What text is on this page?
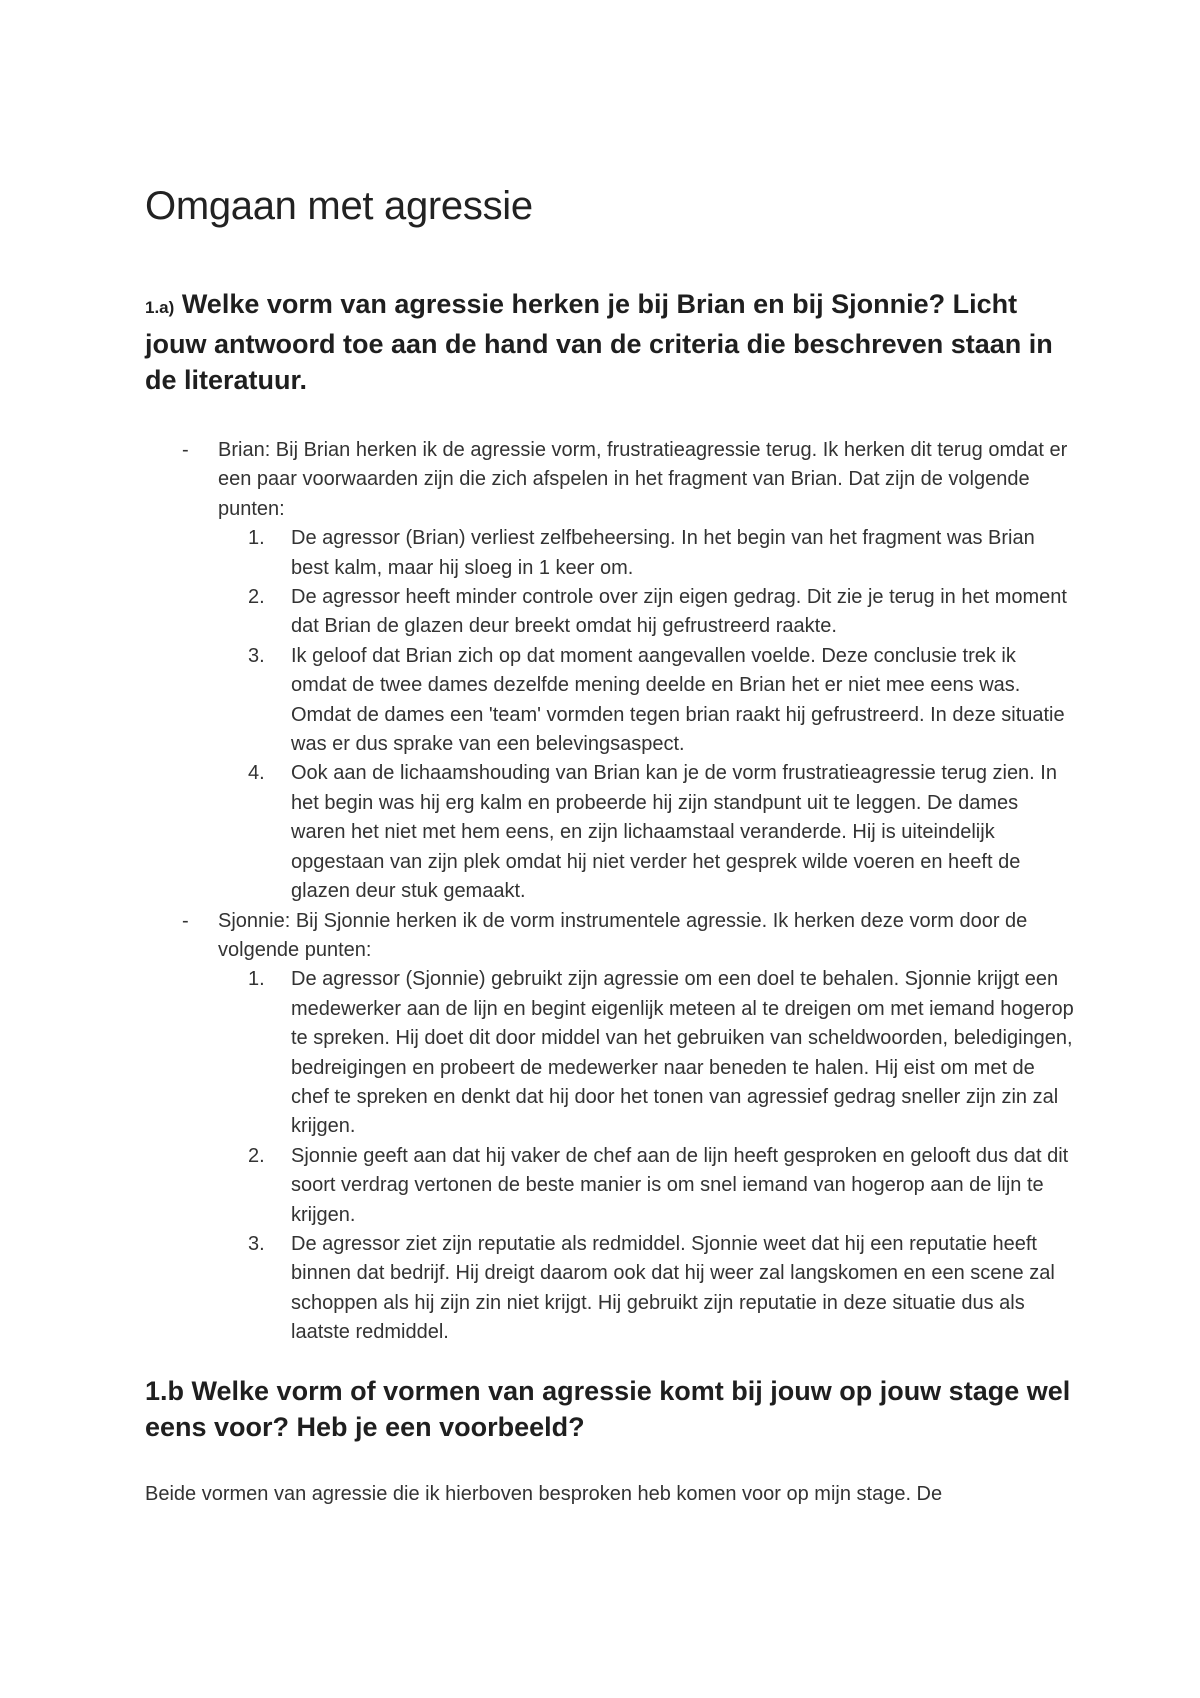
Omgaan met agressie
1.a) Welke vorm van agressie herken je bij Brian en bij Sjonnie? Licht jouw antwoord toe aan de hand van de criteria die beschreven staan in de literatuur.
- Brian: Bij Brian herken ik de agressie vorm, frustratieagressie terug. Ik herken dit terug omdat er een paar voorwaarden zijn die zich afspelen in het fragment van Brian. Dat zijn de volgende punten:

1. De agressor (Brian) verliest zelfbeheersing. In het begin van het fragment was Brian best kalm, maar hij sloeg in 1 keer om.
2. De agressor heeft minder controle over zijn eigen gedrag. Dit zie je terug in het moment dat Brian de glazen deur breekt omdat hij gefrustreerd raakte.
3. Ik geloof dat Brian zich op dat moment aangevallen voelde. Deze conclusie trek ik omdat de twee dames dezelfde mening deelde en Brian het er niet mee eens was. Omdat de dames een 'team' vormden tegen brian raakt hij gefrustreerd. In deze situatie was er dus sprake van een belevingsaspect.
4. Ook aan de lichaamshouding van Brian kan je de vorm frustratieagressie terug zien. In het begin was hij erg kalm en probeerde hij zijn standpunt uit te leggen. De dames waren het niet met hem eens, en zijn lichaamstaal veranderde. Hij is uiteindelijk opgestaan van zijn plek omdat hij niet verder het gesprek wilde voeren en heeft de glazen deur stuk gemaakt.
- Sjonnie: Bij Sjonnie herken ik de vorm instrumentele agressie. Ik herken deze vorm door de volgende punten:

1. De agressor (Sjonnie) gebruikt zijn agressie om een doel te behalen. Sjonnie krijgt een medewerker aan de lijn en begint eigenlijk meteen al te dreigen om met iemand hogerop te spreken. Hij doet dit door middel van het gebruiken van scheldwoorden, beledigingen, bedreigingen en probeert de medewerker naar beneden te halen. Hij eist om met de chef te spreken en denkt dat hij door het tonen van agressief gedrag sneller zijn zin zal krijgen.
2. Sjonnie geeft aan dat hij vaker de chef aan de lijn heeft gesproken en gelooft dus dat dit soort verdrag vertonen de beste manier is om snel iemand van hogerop aan de lijn te krijgen.
3. De agressor ziet zijn reputatie als redmiddel. Sjonnie weet dat hij een reputatie heeft binnen dat bedrijf. Hij dreigt daarom ook dat hij weer zal langskomen en een scene zal schoppen als hij zijn zin niet krijgt. Hij gebruikt zijn reputatie in deze situatie dus als laatste redmiddel.
1.b Welke vorm of vormen van agressie komt bij jouw op jouw stage wel eens voor? Heb je een voorbeeld?

Beide vormen van agressie die ik hierboven besproken heb komen voor op mijn stage. De
